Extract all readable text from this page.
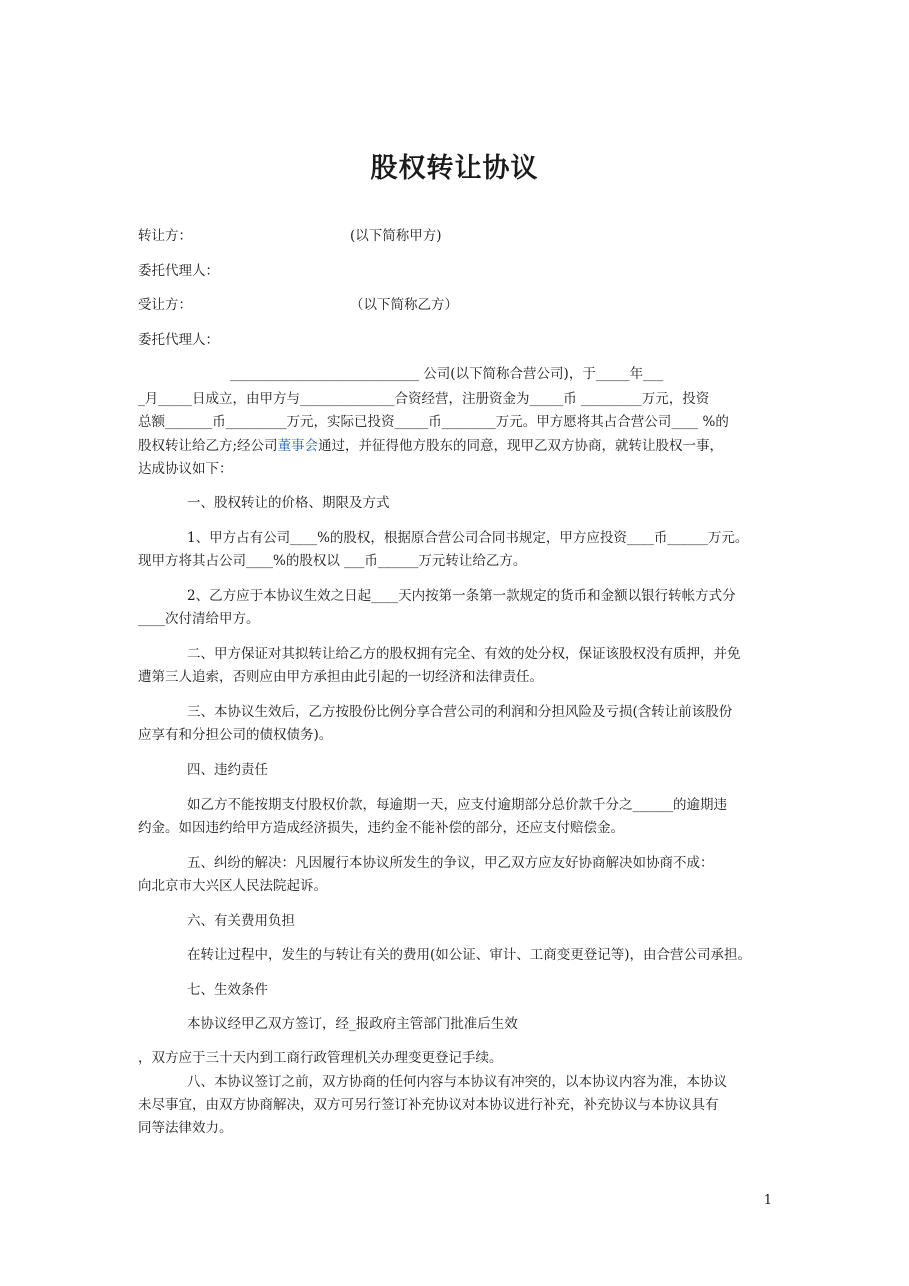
股权转让协议

转让方：	(以下简称甲方)

委托代理人：

受让方：	（以下简称乙方）

委托代理人：

____________________________ 公司(以下简称合营公司)，于_____年___

_月_____日成立，由甲方与______________合资经营，注册资金为_____币 _________万元，投资

总额_______币_________万元，实际已投资_____币________万元。甲方愿将其占合营公司____ %的

股权转让给乙方;经公司董事会通过，并征得他方股东的同意，现甲乙双方协商，就转让股权一事，

达成协议如下：

一、股权转让的价格、期限及方式

1、甲方占有公司____%的股权，根据原合营公司合同书规定，甲方应投资____币______万元。

现甲方将其占公司____%的股权以 ___币______万元转让给乙方。

2、乙方应于本协议生效之日起____天内按第一条第一款规定的货币和金额以银行转帐方式分

____次付清给甲方。

二、甲方保证对其拟转让给乙方的股权拥有完全、有效的处分权，保证该股权没有质押，并免

遭第三人追索，否则应由甲方承担由此引起的一切经济和法律责任。

三、本协议生效后，乙方按股份比例分享合营公司的利润和分担风险及亏损(含转让前该股份

应享有和分担公司的债权债务)。

四、违约责任

如乙方不能按期支付股权价款，每逾期一天，应支付逾期部分总价款千分之______的逾期违

约金。如因违约给甲方造成经济损失，违约金不能补偿的部分，还应支付赔偿金。

五、纠纷的解决：凡因履行本协议所发生的争议，甲乙双方应友好协商解决如协商不成：

向北京市大兴区人民法院起诉。

六、有关费用负担

在转让过程中，发生的与转让有关的费用(如公证、审计、工商变更登记等)，由合营公司承担。

七、生效条件

本协议经甲乙双方签订，经_报政府主管部门批准后生效

，双方应于三十天内到工商行政管理机关办理变更登记手续。

八、本协议签订之前，双方协商的任何内容与本协议有冲突的，以本协议内容为准，本协议

未尽事宜，由双方协商解决，双方可另行签订补充协议对本协议进行补充，补充协议与本协议具有

同等法律效力。

1
